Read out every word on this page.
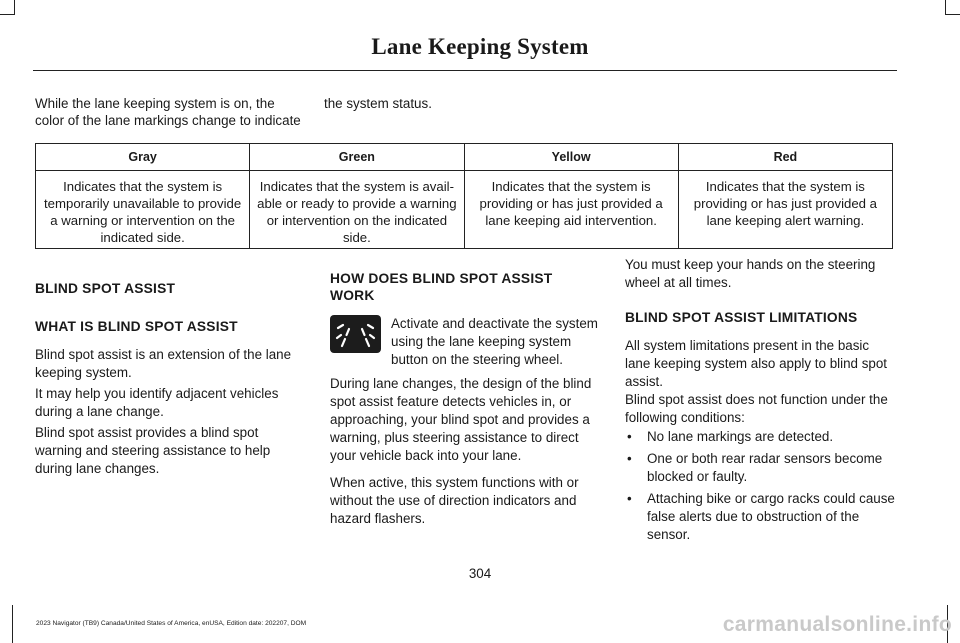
Lane Keeping System
While the lane keeping system is on, the color of the lane markings change to indicate the system status.
Gray	Green	Yellow	Red
Indicates that the system is temporarily unavailable to provide a warning or intervention on the indicated side.	Indicates that the system is avail-able or ready to provide a warning or intervention on the indicated side.	Indicates that the system is providing or has just provided a lane keeping aid intervention.	Indicates that the system is providing or has just provided a lane keeping alert warning.
BLIND SPOT ASSIST
WHAT IS BLIND SPOT ASSIST

Blind spot assist is an extension of the lane keeping system.

It may help you identify adjacent vehicles during a lane change.

Blind spot assist provides a blind spot warning and steering assistance to help during lane changes.

HOW DOES BLIND SPOT ASSIST WORK

Activate and deactivate the system using the lane keeping system button on the steering wheel.

During lane changes, the design of the blind spot assist feature detects vehicles in, or approaching, your blind spot and provides a warning, plus steering assistance to direct your vehicle back into your lane.

When active, this system functions with or without the use of direction indicators and hazard flashers.

You must keep your hands on the steering wheel at all times.

BLIND SPOT ASSIST LIMITATIONS

All system limitations present in the basic lane keeping system also apply to blind spot assist.

Blind spot assist does not function under the following conditions:

• No lane markings are detected.
• One or both rear radar sensors become blocked or faulty.
• Attaching bike or cargo racks could cause false alerts due to obstruction of the sensor.
304
2023 Navigator (TB9) Canada/United States of America, enUSA, Edition date: 202207, DOM	carmanualsonline.info
